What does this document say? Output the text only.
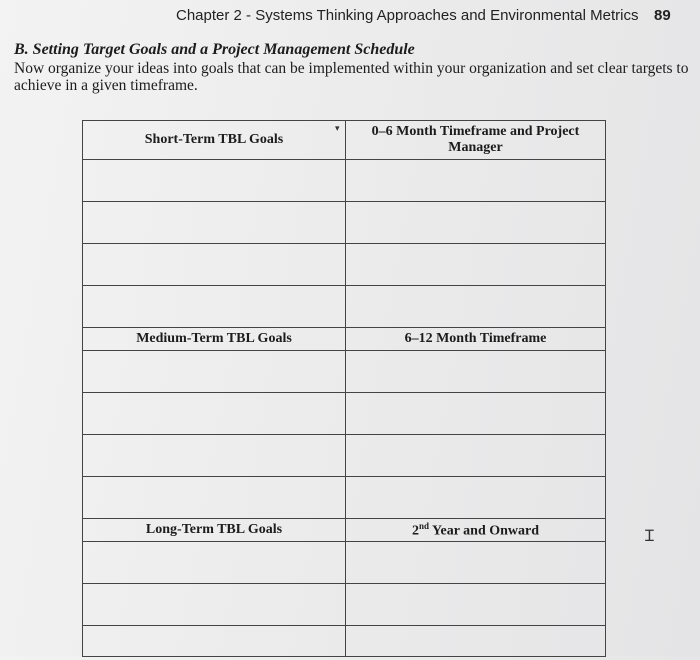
Chapter 2 - Systems Thinking Approaches and Environmental Metrics 89
B. Setting Target Goals and a Project Management Schedule
Now organize your ideas into goals that can be implemented within your organization and set clear targets to achieve in a given timeframe.
▾
Short-Term TBL Goals	0–6 Month Timeframe and Project Manager

Medium-Term TBL Goals	6–12 Month Timeframe

Long-Term TBL Goals	2nd Year and Onward

		Ɪ
